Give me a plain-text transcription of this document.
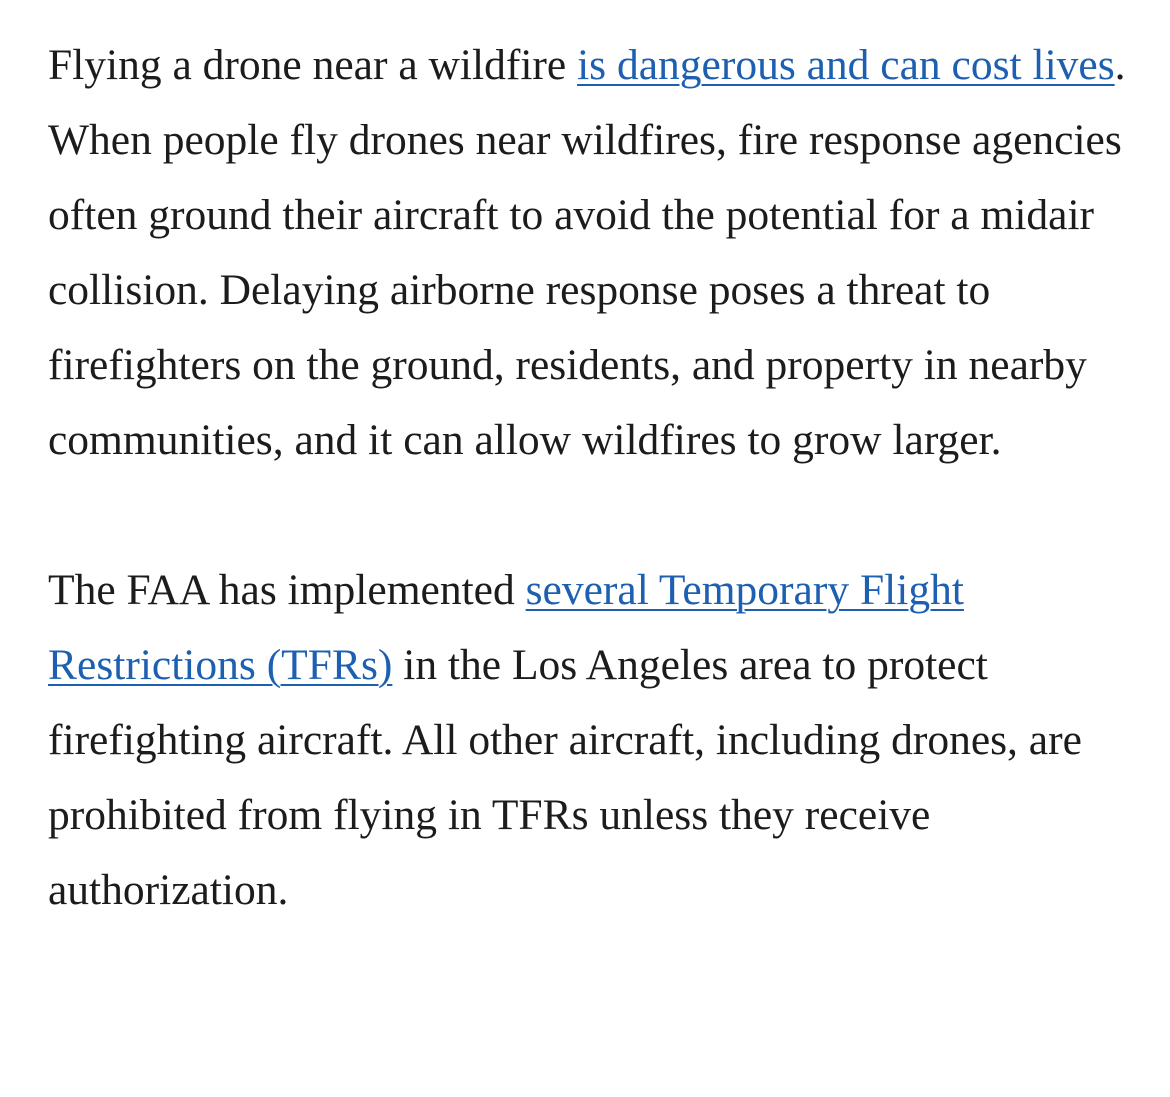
Flying a drone near a wildfire is dangerous and can cost lives. When people fly drones near wildfires, fire response agencies often ground their aircraft to avoid the potential for a midair collision. Delaying airborne response poses a threat to firefighters on the ground, residents, and property in nearby communities, and it can allow wildfires to grow larger.

The FAA has implemented several Temporary Flight Restrictions (TFRs) in the Los Angeles area to protect firefighting aircraft. All other aircraft, including drones, are prohibited from flying in TFRs unless they receive authorization.
